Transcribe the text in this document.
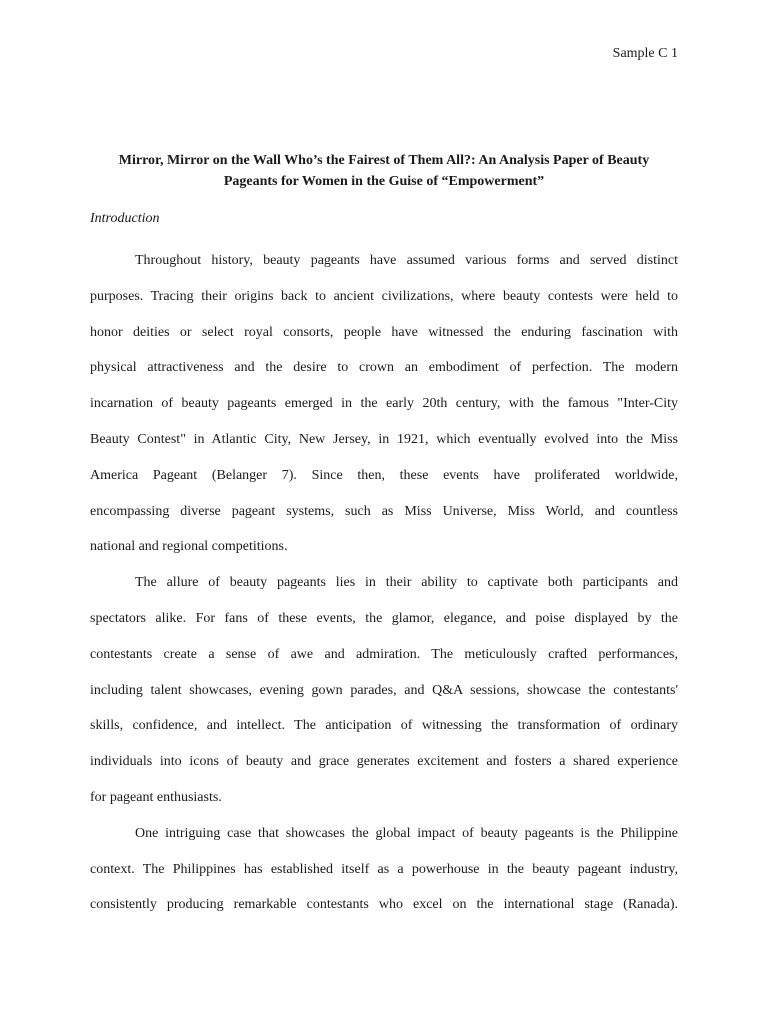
Sample C 1
Mirror, Mirror on the Wall Who’s the Fairest of Them All?: An Analysis Paper of Beauty
Pageants for Women in the Guise of “Empowerment”
Introduction
Throughout history, beauty pageants have assumed various forms and served distinct
purposes. Tracing their origins back to ancient civilizations, where beauty contests were held to
honor deities or select royal consorts, people have witnessed the enduring fascination with
physical attractiveness and the desire to crown an embodiment of perfection. The modern
incarnation of beauty pageants emerged in the early 20th century, with the famous "Inter-City
Beauty Contest" in Atlantic City, New Jersey, in 1921, which eventually evolved into the Miss
America Pageant (Belanger 7). Since then, these events have proliferated worldwide,
encompassing diverse pageant systems, such as Miss Universe, Miss World, and countless
national and regional competitions.
The allure of beauty pageants lies in their ability to captivate both participants and
spectators alike. For fans of these events, the glamor, elegance, and poise displayed by the
contestants create a sense of awe and admiration. The meticulously crafted performances,
including talent showcases, evening gown parades, and Q&A sessions, showcase the contestants'
skills, confidence, and intellect. The anticipation of witnessing the transformation of ordinary
individuals into icons of beauty and grace generates excitement and fosters a shared experience
for pageant enthusiasts.
One intriguing case that showcases the global impact of beauty pageants is the Philippine
context. The Philippines has established itself as a powerhouse in the beauty pageant industry,
consistently producing remarkable contestants who excel on the international stage (Ranada).
